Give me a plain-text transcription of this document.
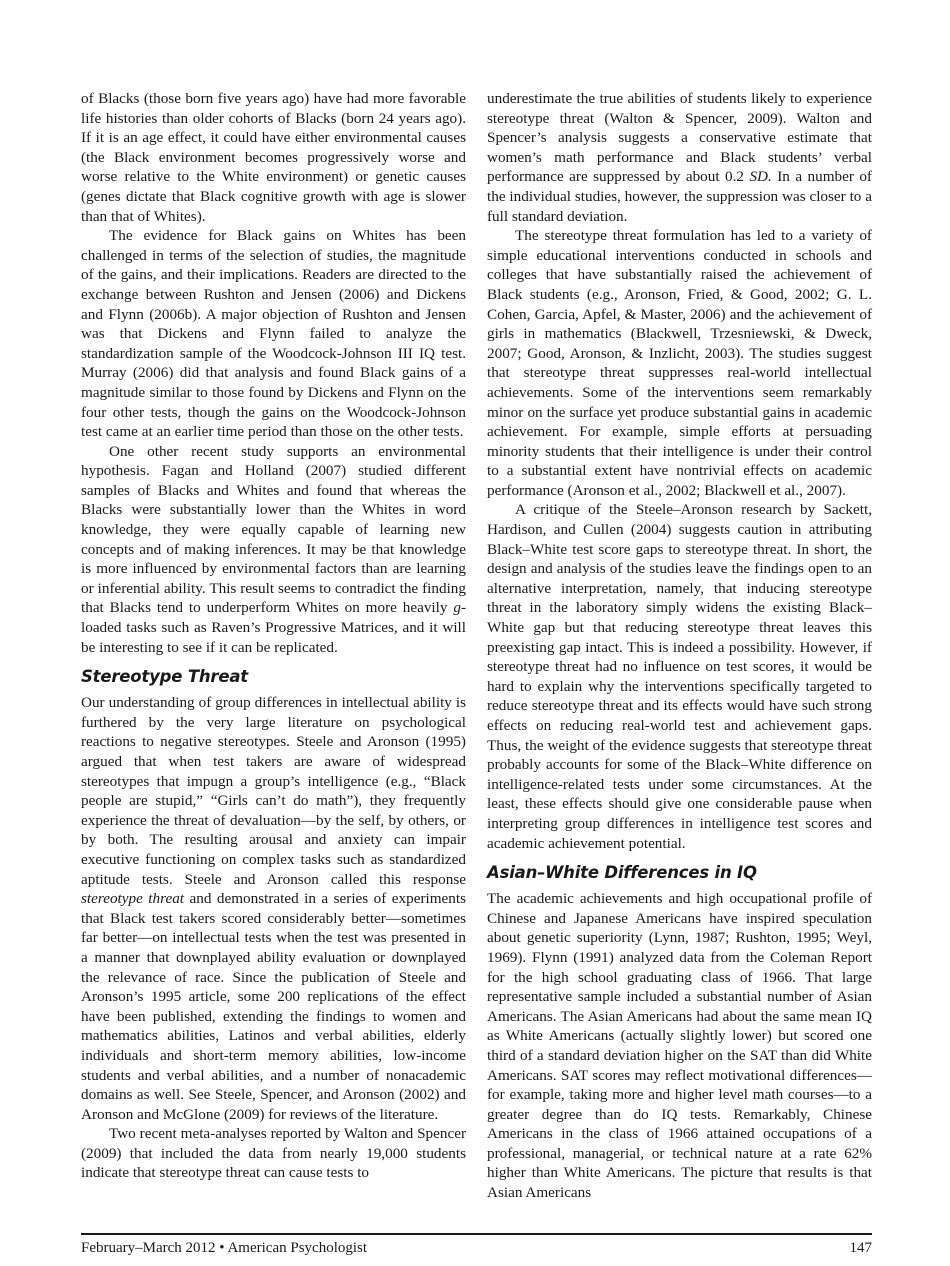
of Blacks (those born five years ago) have had more favorable life histories than older cohorts of Blacks (born 24 years ago). If it is an age effect, it could have either environmental causes (the Black environment becomes progressively worse and worse relative to the White environment) or genetic causes (genes dictate that Black cognitive growth with age is slower than that of Whites).

The evidence for Black gains on Whites has been challenged in terms of the selection of studies, the magnitude of the gains, and their implications. Readers are directed to the exchange between Rushton and Jensen (2006) and Dickens and Flynn (2006b). A major objection of Rushton and Jensen was that Dickens and Flynn failed to analyze the standardization sample of the Woodcock-Johnson III IQ test. Murray (2006) did that analysis and found Black gains of a magnitude similar to those found by Dickens and Flynn on the four other tests, though the gains on the Woodcock-Johnson test came at an earlier time period than those on the other tests.

One other recent study supports an environmental hypothesis. Fagan and Holland (2007) studied different samples of Blacks and Whites and found that whereas the Blacks were substantially lower than the Whites in word knowledge, they were equally capable of learning new concepts and of making inferences. It may be that knowledge is more influenced by environmental factors than are learning or inferential ability. This result seems to contradict the finding that Blacks tend to underperform Whites on more heavily g-loaded tasks such as Raven’s Progressive Matrices, and it will be interesting to see if it can be replicated.

Stereotype Threat

Our understanding of group differences in intellectual ability is furthered by the very large literature on psychological reactions to negative stereotypes. Steele and Aronson (1995) argued that when test takers are aware of widespread stereotypes that impugn a group’s intelligence (e.g., “Black people are stupid,” “Girls can’t do math”), they frequently experience the threat of devaluation—by the self, by others, or by both. The resulting arousal and anxiety can impair executive functioning on complex tasks such as standardized aptitude tests. Steele and Aronson called this response stereotype threat and demonstrated in a series of experiments that Black test takers scored considerably better—sometimes far better—on intellectual tests when the test was presented in a manner that downplayed ability evaluation or downplayed the relevance of race. Since the publication of Steele and Aronson’s 1995 article, some 200 replications of the effect have been published, extending the findings to women and mathematics abilities, Latinos and verbal abilities, elderly individuals and short-term memory abilities, low-income students and verbal abilities, and a number of nonacademic domains as well. See Steele, Spencer, and Aronson (2002) and Aronson and McGlone (2009) for reviews of the literature.

Two recent meta-analyses reported by Walton and Spencer (2009) that included the data from nearly 19,000 students indicate that stereotype threat can cause tests to

underestimate the true abilities of students likely to experience stereotype threat (Walton & Spencer, 2009). Walton and Spencer’s analysis suggests a conservative estimate that women’s math performance and Black students’ verbal performance are suppressed by about 0.2 SD. In a number of the individual studies, however, the suppression was closer to a full standard deviation.

The stereotype threat formulation has led to a variety of simple educational interventions conducted in schools and colleges that have substantially raised the achievement of Black students (e.g., Aronson, Fried, & Good, 2002; G. L. Cohen, Garcia, Apfel, & Master, 2006) and the achievement of girls in mathematics (Blackwell, Trzesniewski, & Dweck, 2007; Good, Aronson, & Inzlicht, 2003). The studies suggest that stereotype threat suppresses real-world intellectual achievements. Some of the interventions seem remarkably minor on the surface yet produce substantial gains in academic achievement. For example, simple efforts at persuading minority students that their intelligence is under their control to a substantial extent have nontrivial effects on academic performance (Aronson et al., 2002; Blackwell et al., 2007).

A critique of the Steele–Aronson research by Sackett, Hardison, and Cullen (2004) suggests caution in attributing Black–White test score gaps to stereotype threat. In short, the design and analysis of the studies leave the findings open to an alternative interpretation, namely, that inducing stereotype threat in the laboratory simply widens the existing Black–White gap but that reducing stereotype threat leaves this preexisting gap intact. This is indeed a possibility. However, if stereotype threat had no influence on test scores, it would be hard to explain why the interventions specifically targeted to reduce stereotype threat and its effects would have such strong effects on reducing real-world test and achievement gaps. Thus, the weight of the evidence suggests that stereotype threat probably accounts for some of the Black–White difference on intelligence-related tests under some circumstances. At the least, these effects should give one considerable pause when interpreting group differences in intelligence test scores and academic achievement potential.

Asian–White Differences in IQ

The academic achievements and high occupational profile of Chinese and Japanese Americans have inspired speculation about genetic superiority (Lynn, 1987; Rushton, 1995; Weyl, 1969). Flynn (1991) analyzed data from the Coleman Report for the high school graduating class of 1966. That large representative sample included a substantial number of Asian Americans. The Asian Americans had about the same mean IQ as White Americans (actually slightly lower) but scored one third of a standard deviation higher on the SAT than did White Americans. SAT scores may reflect motivational differences—for example, taking more and higher level math courses—to a greater degree than do IQ tests. Remarkably, Chinese Americans in the class of 1966 attained occupations of a professional, managerial, or technical nature at a rate 62% higher than White Americans. The picture that results is that Asian Americans

February–March 2012 • American Psychologist	147
